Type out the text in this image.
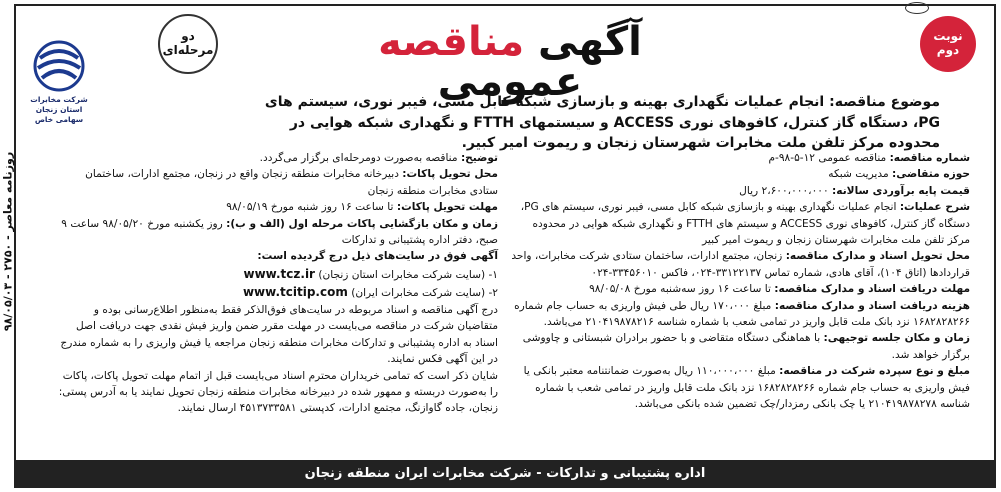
روزنامه معاصر - ۲۷۵۰ - ۹۸/۰۵/۰۳
آگهی مناقصه عمومی
دو
مرحله‌ای
نوبت
دوم
شرکت مخابرات استان زنجان
سهامی خاص
موضوع مناقصه: انجام عملیات نگهداری بهینه و بازسازی شبکه کابل مسی، فیبر نوری، سیستم های PG، دستگاه گاز کنترل، کافوهای نوری ACCESS و سیستمهای FTTH و نگهداری شبکه هوایی در محدوده مرکز تلفن ملت مخابرات شهرستان زنجان و ریموت امیر کبیر.
شماره مناقصه: مناقصه عمومی ۱۲-۵-۹۸-م
حوزه متقاضی: مدیریت شبکه
قیمت پایه برآوردی سالانه: ۲،۶۰۰،۰۰۰،۰۰۰ ریال
شرح عملیات: انجام عملیات نگهداری بهینه و بازسازی شبکه کابل مسی، فیبر نوری، سیستم های PG، دستگاه گاز کنترل، کافوهای نوری ACCESS و سیستم های FTTH و نگهداری شبکه هوایی در محدوده مرکز تلفن ملت مخابرات شهرستان زنجان و ریموت امیر کبیر
محل تحویل اسناد و مدارک مناقصه: زنجان، مجتمع ادارات، ساختمان ستادی شرکت مخابرات، واحد قراردادها (اتاق ۱۰۴)، آقای هادی، شماره تماس ۳۳۱۲۲۱۳۷-۰۲۴، فاکس ۳۳۴۵۶۰۱۰-۰۲۴
مهلت دریافت اسناد و مدارک مناقصه: تا ساعت ۱۶ روز سه‌شنبه مورخ ۹۸/۰۵/۰۸
هزینه دریافت اسناد و مدارک مناقصه: مبلغ ۱۷۰،۰۰۰ ریال طی فیش واریزی به حساب جام شماره ۱۶۸۲۸۲۸۲۶۶ نزد بانک ملت قابل واریز در تمامی شعب با شماره شناسه ۲۱۰۴۱۹۸۷۸۲۱۶ می‌باشد.
زمان و مکان جلسه توجیهی: با هماهنگی دستگاه متقاضی و با حضور برادران شبستانی و چاووشی برگزار خواهد شد.
مبلغ و نوع سپرده شرکت در مناقصه: مبلغ ۱۱۰،۰۰۰،۰۰۰ ریال به‌صورت ضمانتنامه معتبر بانکی یا فیش واریزی به حساب جام شماره ۱۶۸۲۸۲۸۲۶۶ نزد بانک ملت قابل واریز در تمامی شعب با شماره شناسه ۲۱۰۴۱۹۸۷۸۲۷۸ یا چک بانکی رمزدار/چک تضمین شده بانکی می‌باشد.
توضیح: مناقصه به‌صورت دومرحله‌ای برگزار می‌گردد.
محل تحویل پاکات: دبیرخانه مخابرات منطقه زنجان واقع در زنجان، مجتمع ادارات، ساختمان ستادی مخابرات منطقه زنجان
مهلت تحویل پاکات: تا ساعت ۱۶ روز شنبه مورخ ۹۸/۰۵/۱۹
زمان و مکان بازگشایی پاکات مرحله اول (الف و ب): روز یکشنبه مورخ ۹۸/۰۵/۲۰ ساعت ۹ صبح، دفتر اداره پشتیبانی و تدارکات
آگهی فوق در سایت‌های ذیل درج گردیده است:
۱- (سایت شرکت مخابرات استان زنجان) www.tcz.ir
۲- (سایت شرکت مخابرات ایران) www.tcitip.com
درج آگهی مناقصه و اسناد مربوطه در سایت‌های فوق‌الذکر فقط به‌منظور اطلاع‌رسانی بوده و متقاضیان شرکت در مناقصه می‌بایست در مهلت مقرر ضمن واریز فیش نقدی جهت دریافت اصل اسناد به اداره پشتیبانی و تدارکات مخابرات منطقه زنجان مراجعه یا فیش واریزی را به شماره مندرج در این آگهی فکس نمایند.
شایان ذکر است که تمامی خریداران محترم اسناد می‌بایست قبل از اتمام مهلت تحویل پاکات، پاکات را به‌صورت دربسته و ممهور شده در دبیرخانه مخابرات منطقه زنجان تحویل نمایند یا به آدرس پستی: زنجان، جاده گاوازنگ، مجتمع ادارات، کدپستی ۴۵۱۳۷۳۳۵۸۱ ارسال نمایند.
اداره پشتیبانی و تدارکات - شرکت مخابرات ایران منطقه زنجان
